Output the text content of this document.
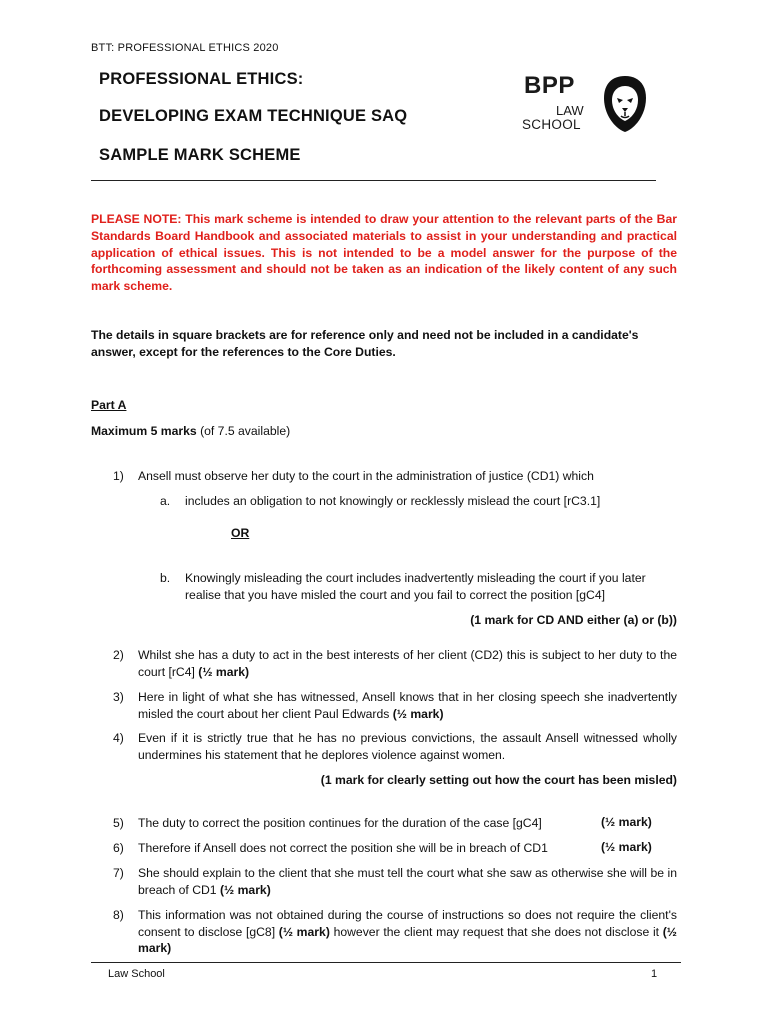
BTT: PROFESSIONAL ETHICS 2020
PROFESSIONAL ETHICS:
DEVELOPING EXAM TECHNIQUE SAQ
SAMPLE MARK SCHEME
BPP
LAW
SCHOOL
PLEASE NOTE: This mark scheme is intended to draw your attention to the relevant parts of the Bar Standards Board Handbook and associated materials to assist in your understanding and practical application of ethical issues. This is not intended to be a model answer for the purpose of the forthcoming assessment and should not be taken as an indication of the likely content of any such mark scheme.
The details in square brackets are for reference only and need not be included in a candidate's answer, except for the references to the Core Duties.
Part A
Maximum 5 marks (of 7.5 available)
1) Ansell must observe her duty to the court in the administration of justice (CD1) which
a. includes an obligation to not knowingly or recklessly mislead the court [rC3.1]
OR
b. Knowingly misleading the court includes inadvertently misleading the court if you later realise that you have misled the court and you fail to correct the position [gC4]
(1 mark for CD AND either (a) or (b))
2) Whilst she has a duty to act in the best interests of her client (CD2) this is subject to her duty to the court [rC4] (½ mark)
3) Here in light of what she has witnessed, Ansell knows that in her closing speech she inadvertently misled the court about her client Paul Edwards (½ mark)
4) Even if it is strictly true that he has no previous convictions, the assault Ansell witnessed wholly undermines his statement that he deplores violence against women.
(1 mark for clearly setting out how the court has been misled)
5) The duty to correct the position continues for the duration of the case [gC4]	(½ mark)
6) Therefore if Ansell does not correct the position she will be in breach of CD1	(½ mark)
7) She should explain to the client that she must tell the court what she saw as otherwise she will be in breach of CD1 (½ mark)
8) This information was not obtained during the course of instructions so does not require the client's consent to disclose [gC8] (½ mark) however the client may request that she does not disclose it (½ mark)
Law School	1
